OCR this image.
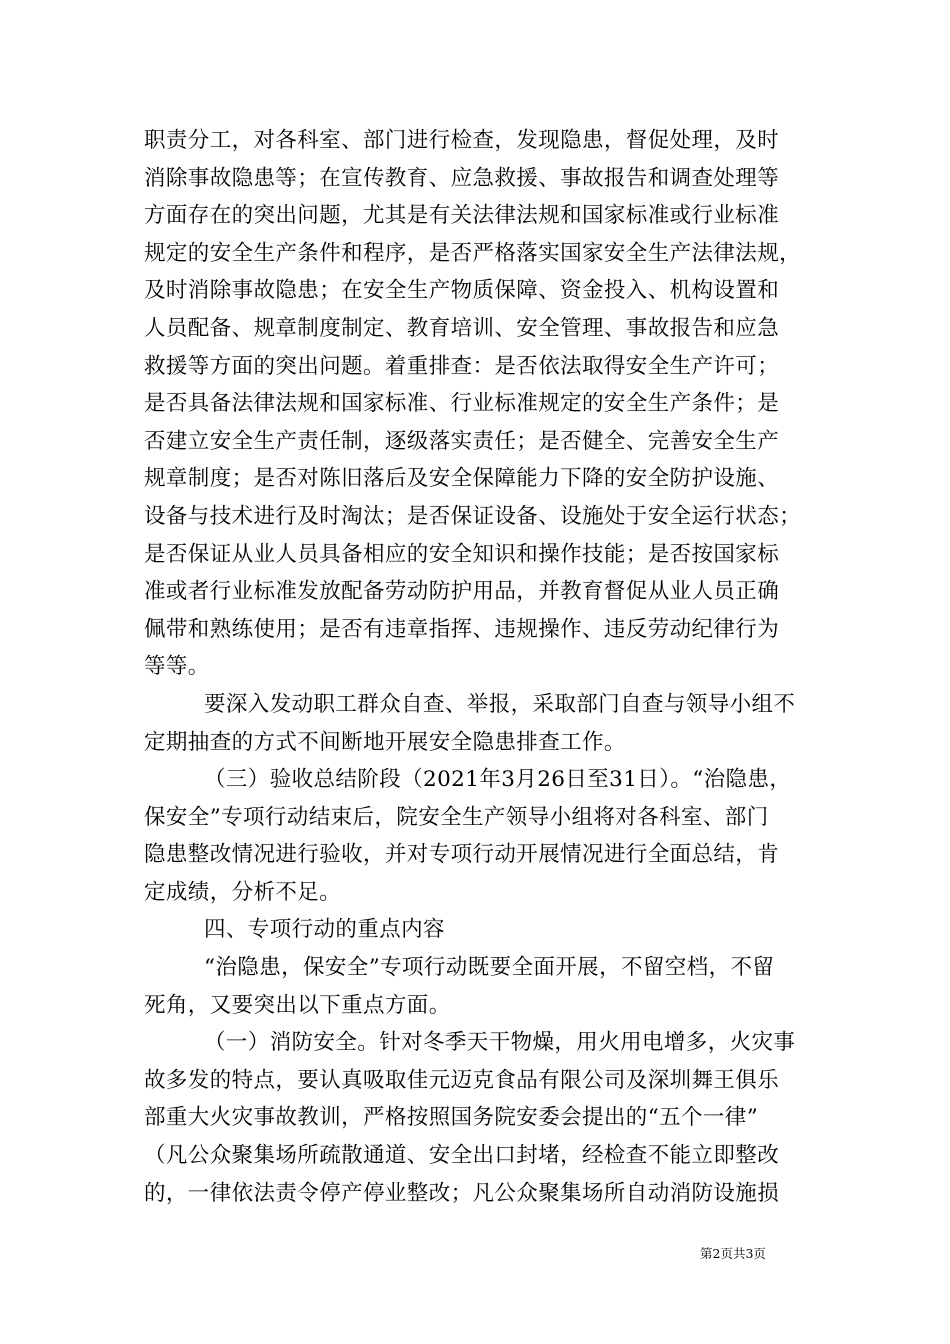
职责分工，对各科室、部门进行检查，发现隐患，督促处理，及时
消除事故隐患等；在宣传教育、应急救援、事故报告和调查处理等
方面存在的突出问题，尤其是有关法律法规和国家标准或行业标准
规定的安全生产条件和程序，是否严格落实国家安全生产法律法规，
及时消除事故隐患；在安全生产物质保障、资金投入、机构设置和
人员配备、规章制度制定、教育培训、安全管理、事故报告和应急
救援等方面的突出问题。着重排查：是否依法取得安全生产许可；
是否具备法律法规和国家标准、行业标准规定的安全生产条件；是
否建立安全生产责任制，逐级落实责任；是否健全、完善安全生产
规章制度；是否对陈旧落后及安全保障能力下降的安全防护设施、
设备与技术进行及时淘汰；是否保证设备、设施处于安全运行状态；
是否保证从业人员具备相应的安全知识和操作技能；是否按国家标
准或者行业标准发放配备劳动防护用品，并教育督促从业人员正确
佩带和熟练使用；是否有违章指挥、违规操作、违反劳动纪律行为
等等。
要深入发动职工群众自查、举报，采取部门自查与领导小组不
定期抽查的方式不间断地开展安全隐患排查工作。
（三）验收总结阶段（2021年3月26日至31日）。“治隐患，
保安全”专项行动结束后，院安全生产领导小组将对各科室、部门
隐患整改情况进行验收，并对专项行动开展情况进行全面总结，肯
定成绩，分析不足。
四、专项行动的重点内容
“治隐患，保安全”专项行动既要全面开展，不留空档，不留
死角，又要突出以下重点方面。
（一）消防安全。针对冬季天干物燥，用火用电增多，火灾事
故多发的特点，要认真吸取佳元迈克食品有限公司及深圳舞王俱乐
部重大火灾事故教训，严格按照国务院安委会提出的“五个一律”
（凡公众聚集场所疏散通道、安全出口封堵，经检查不能立即整改
的，一律依法责令停产停业整改；凡公众聚集场所自动消防设施损
第2页共3页
